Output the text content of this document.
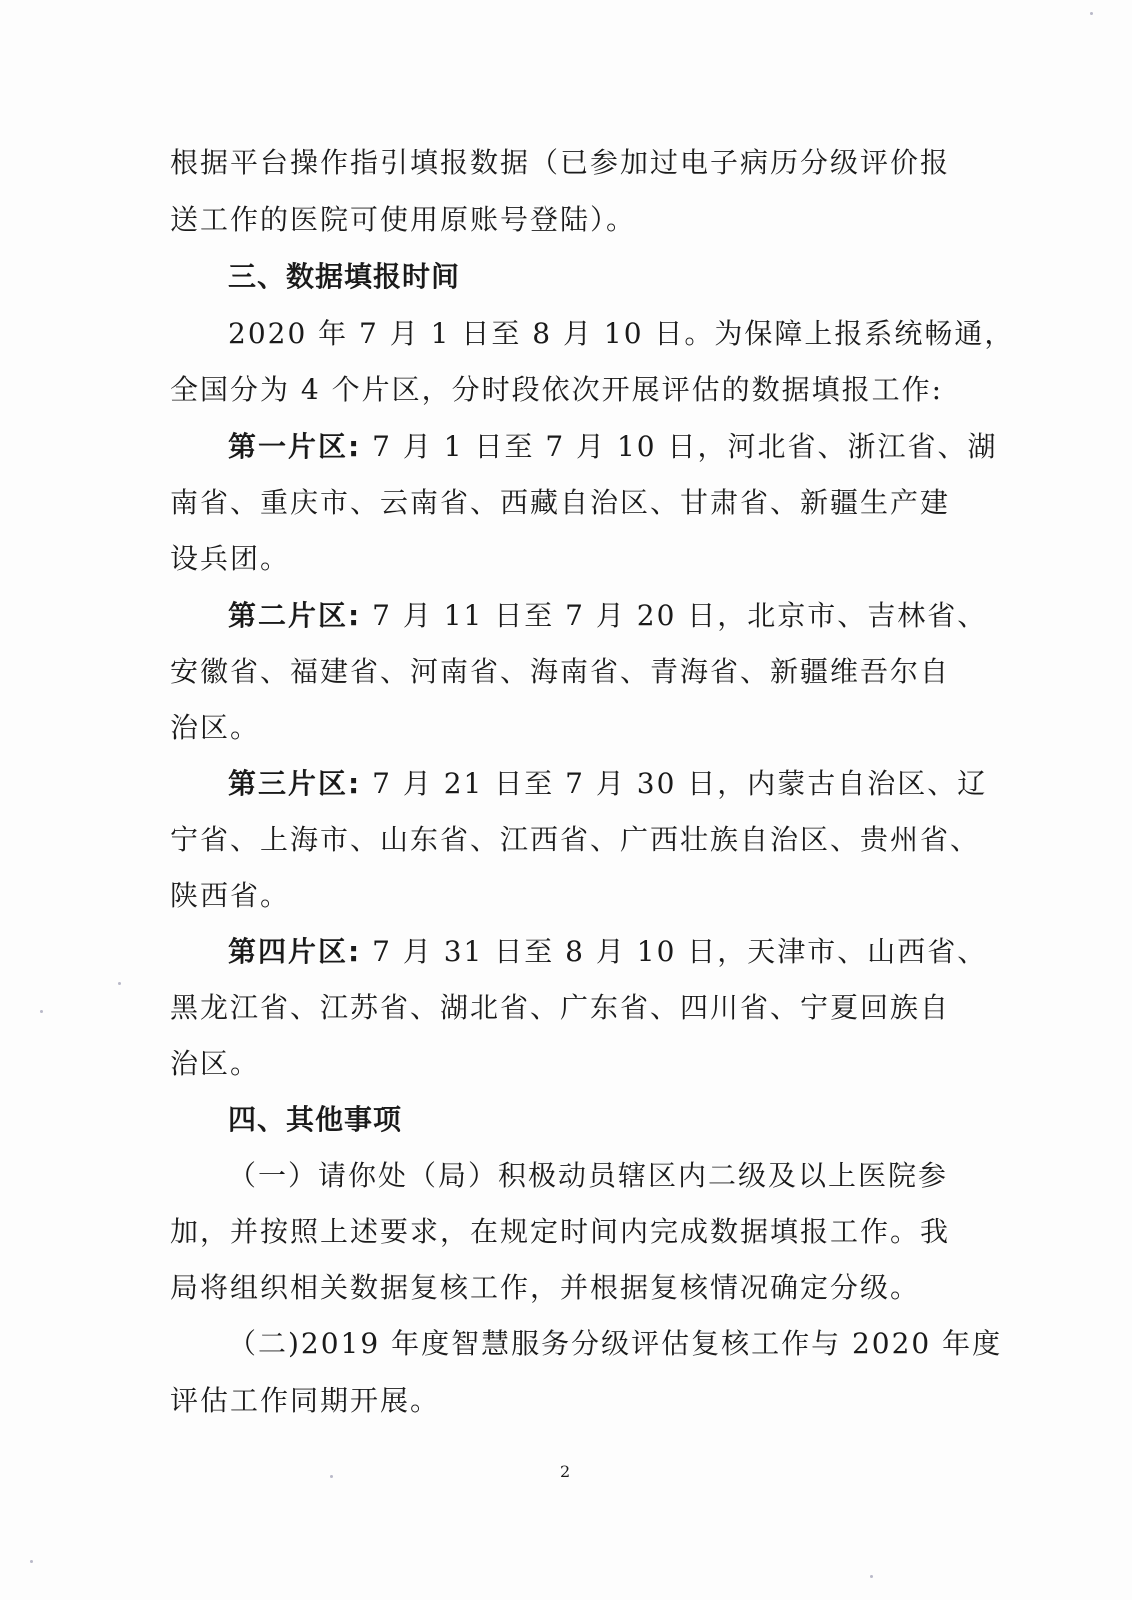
根据平台操作指引填报数据（已参加过电子病历分级评价报
送工作的医院可使用原账号登陆）。
三、数据填报时间
2020 年 7 月 1 日至 8 月 10 日。为保障上报系统畅通，
全国分为 4 个片区，分时段依次开展评估的数据填报工作:
第一片区: 7 月 1 日至 7 月 10 日，河北省、浙江省、湖
南省、重庆市、云南省、西藏自治区、甘肃省、新疆生产建
设兵团。
第二片区: 7 月 11 日至 7 月 20 日，北京市、吉林省、
安徽省、福建省、河南省、海南省、青海省、新疆维吾尔自
治区。
第三片区: 7 月 21 日至 7 月 30 日，内蒙古自治区、辽
宁省、上海市、山东省、江西省、广西壮族自治区、贵州省、
陕西省。
第四片区: 7 月 31 日至 8 月 10 日，天津市、山西省、
黑龙江省、江苏省、湖北省、广东省、四川省、宁夏回族自
治区。
四、其他事项
（一）请你处（局）积极动员辖区内二级及以上医院参
加，并按照上述要求，在规定时间内完成数据填报工作。我
局将组织相关数据复核工作，并根据复核情况确定分级。
（二)2019 年度智慧服务分级评估复核工作与 2020 年度
评估工作同期开展。
2
